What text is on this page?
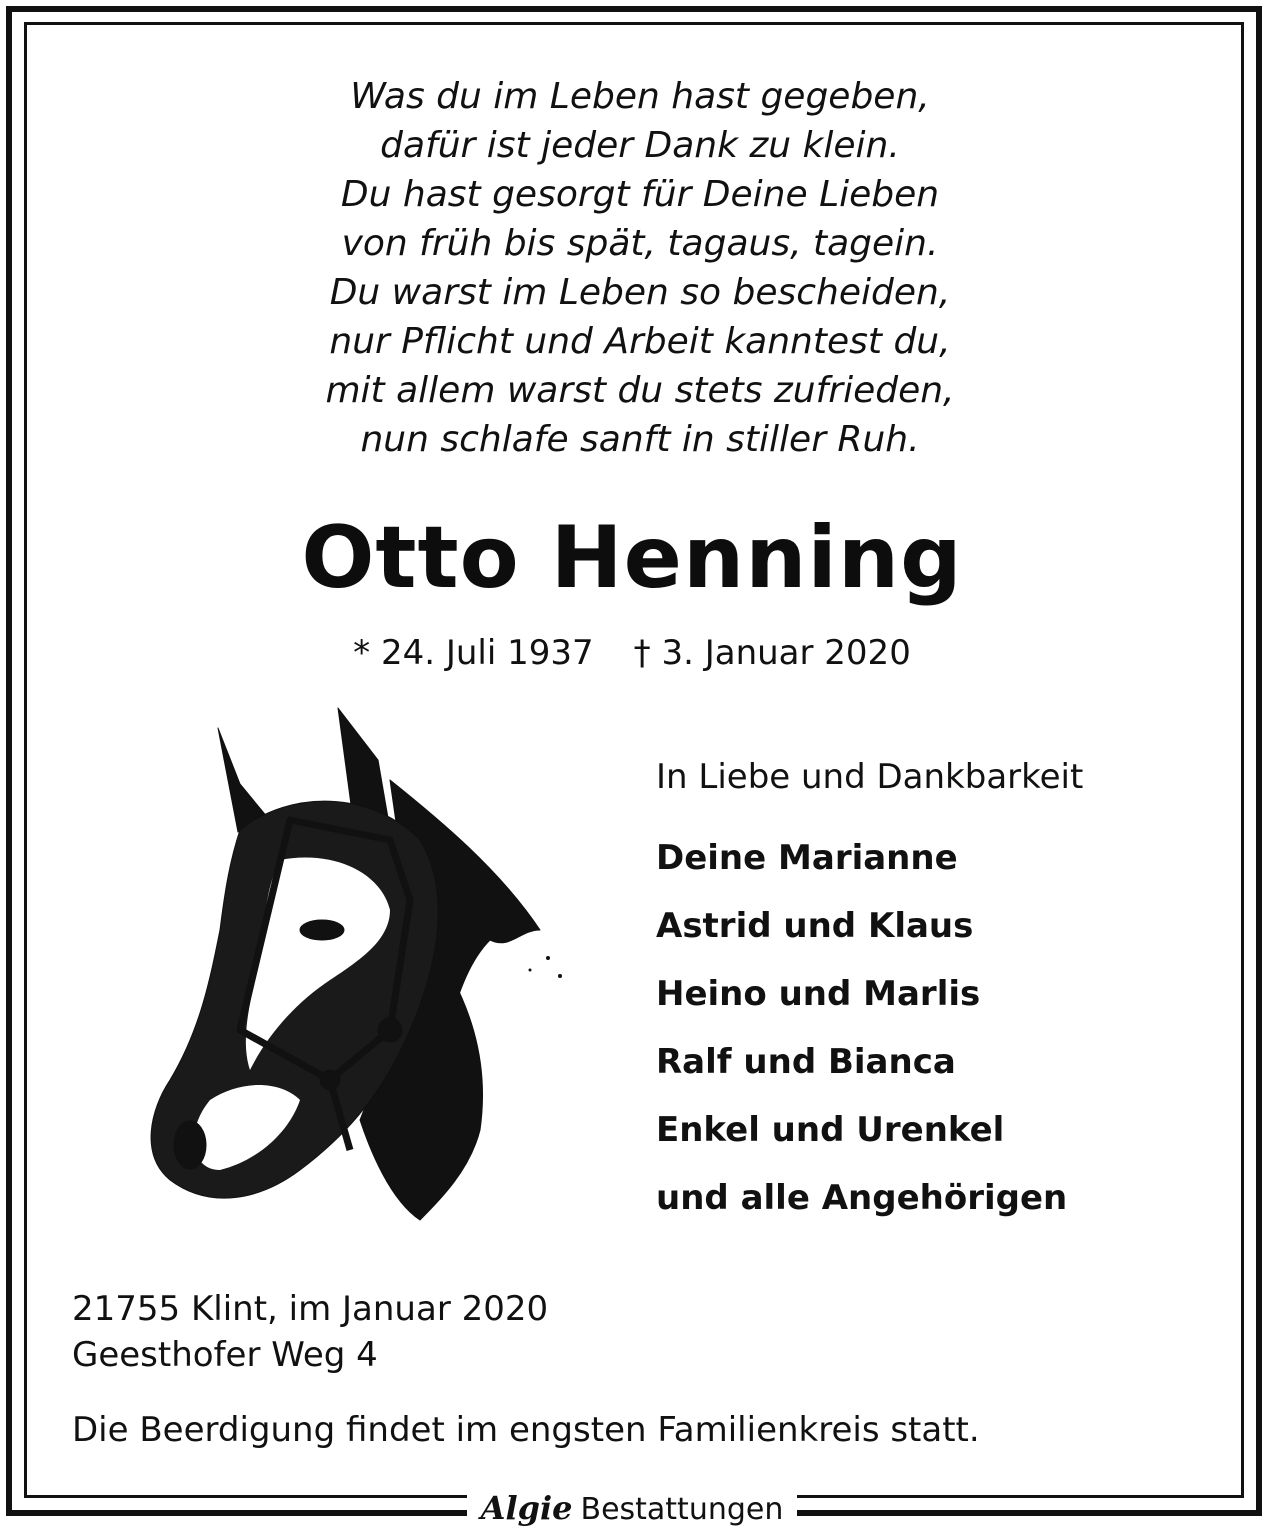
Was du im Leben hast gegeben,
dafür ist jeder Dank zu klein.
Du hast gesorgt für Deine Lieben
von früh bis spät, tagaus, tagein.
Du warst im Leben so bescheiden,
nur Pflicht und Arbeit kanntest du,
mit allem warst du stets zufrieden,
nun schlafe sanft in stiller Ruh.
Otto Henning
* 24. Juli 1937 † 3. Januar 2020
In Liebe und Dankbarkeit
Deine Marianne
Astrid und Klaus
Heino und Marlis
Ralf und Bianca
Enkel und Urenkel
und alle Angehörigen
21755 Klint, im Januar 2020
Geesthofer Weg 4
Die Beerdigung findet im engsten Familienkreis statt.
Algie Bestattungen
